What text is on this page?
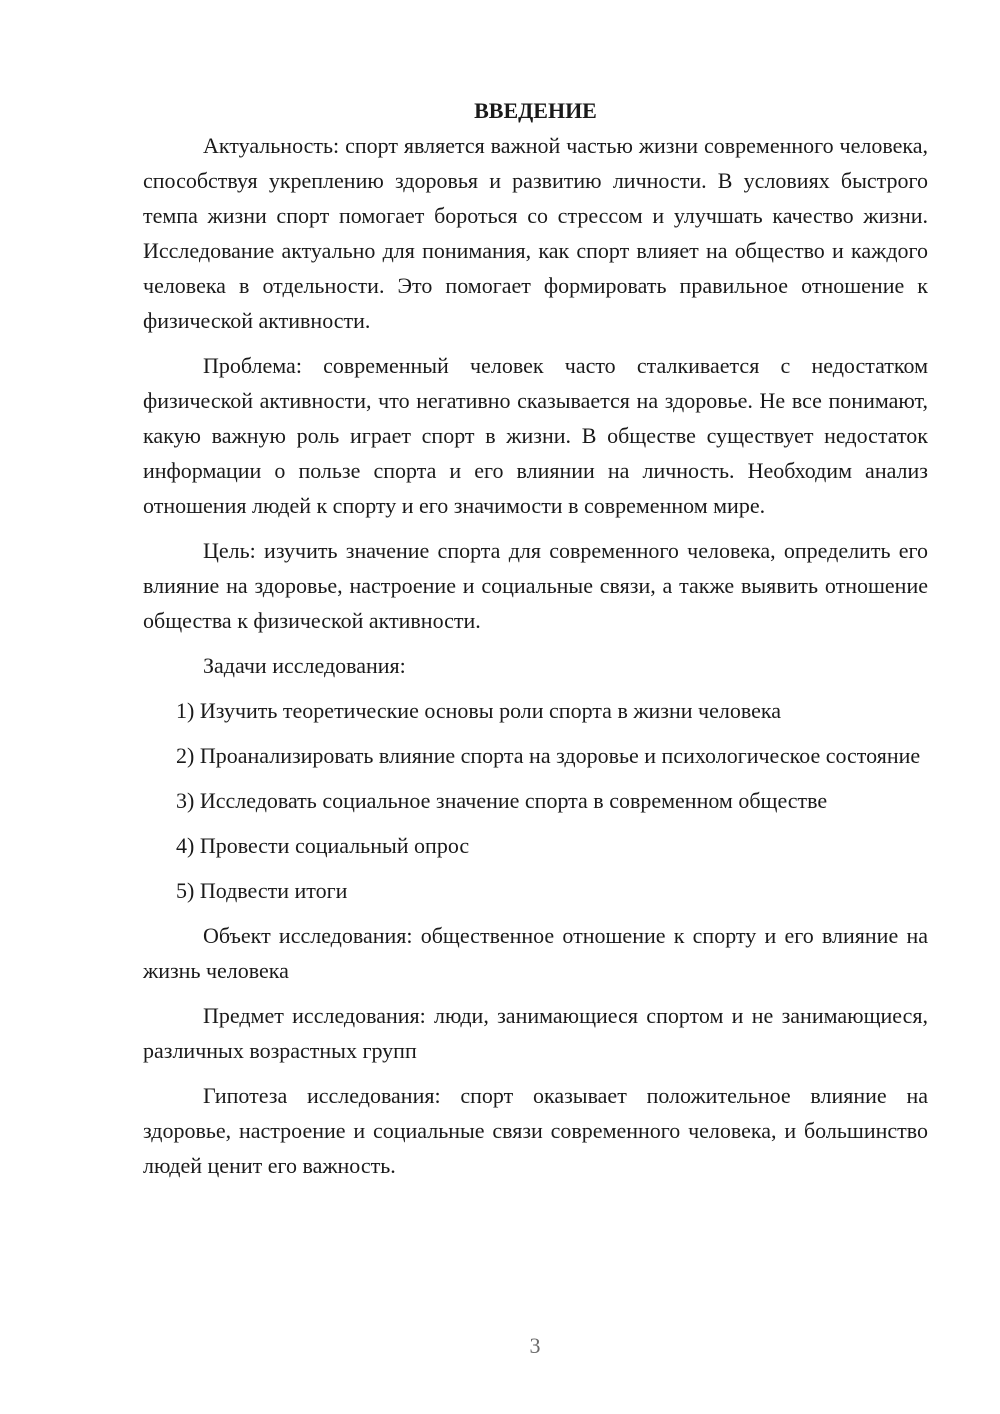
ВВЕДЕНИЕ

Актуальность: спорт является важной частью жизни современного человека, способствуя укреплению здоровья и развитию личности. В условиях быстрого темпа жизни спорт помогает бороться со стрессом и улучшать качество жизни. Исследование актуально для понимания, как спорт влияет на общество и каждого человека в отдельности. Это помогает формировать правильное отношение к физической активности.

Проблема: современный человек часто сталкивается с недостатком физической активности, что негативно сказывается на здоровье. Не все понимают, какую важную роль играет спорт в жизни. В обществе существует недостаток информации о пользе спорта и его влиянии на личность. Необходим анализ отношения людей к спорту и его значимости в современном мире.

Цель: изучить значение спорта для современного человека, определить его влияние на здоровье, настроение и социальные связи, а также выявить отношение общества к физической активности.

Задачи исследования:

1) Изучить теоретические основы роли спорта в жизни человека

2) Проанализировать влияние спорта на здоровье и психологическое состояние

3) Исследовать социальное значение спорта в современном обществе

4) Провести социальный опрос

5) Подвести итоги

Объект исследования: общественное отношение к спорту и его влияние на жизнь человека

Предмет исследования: люди, занимающиеся спортом и не занимающиеся, различных возрастных групп

Гипотеза исследования: спорт оказывает положительное влияние на здоровье, настроение и социальные связи современного человека, и большинство людей ценит его важность.

3
